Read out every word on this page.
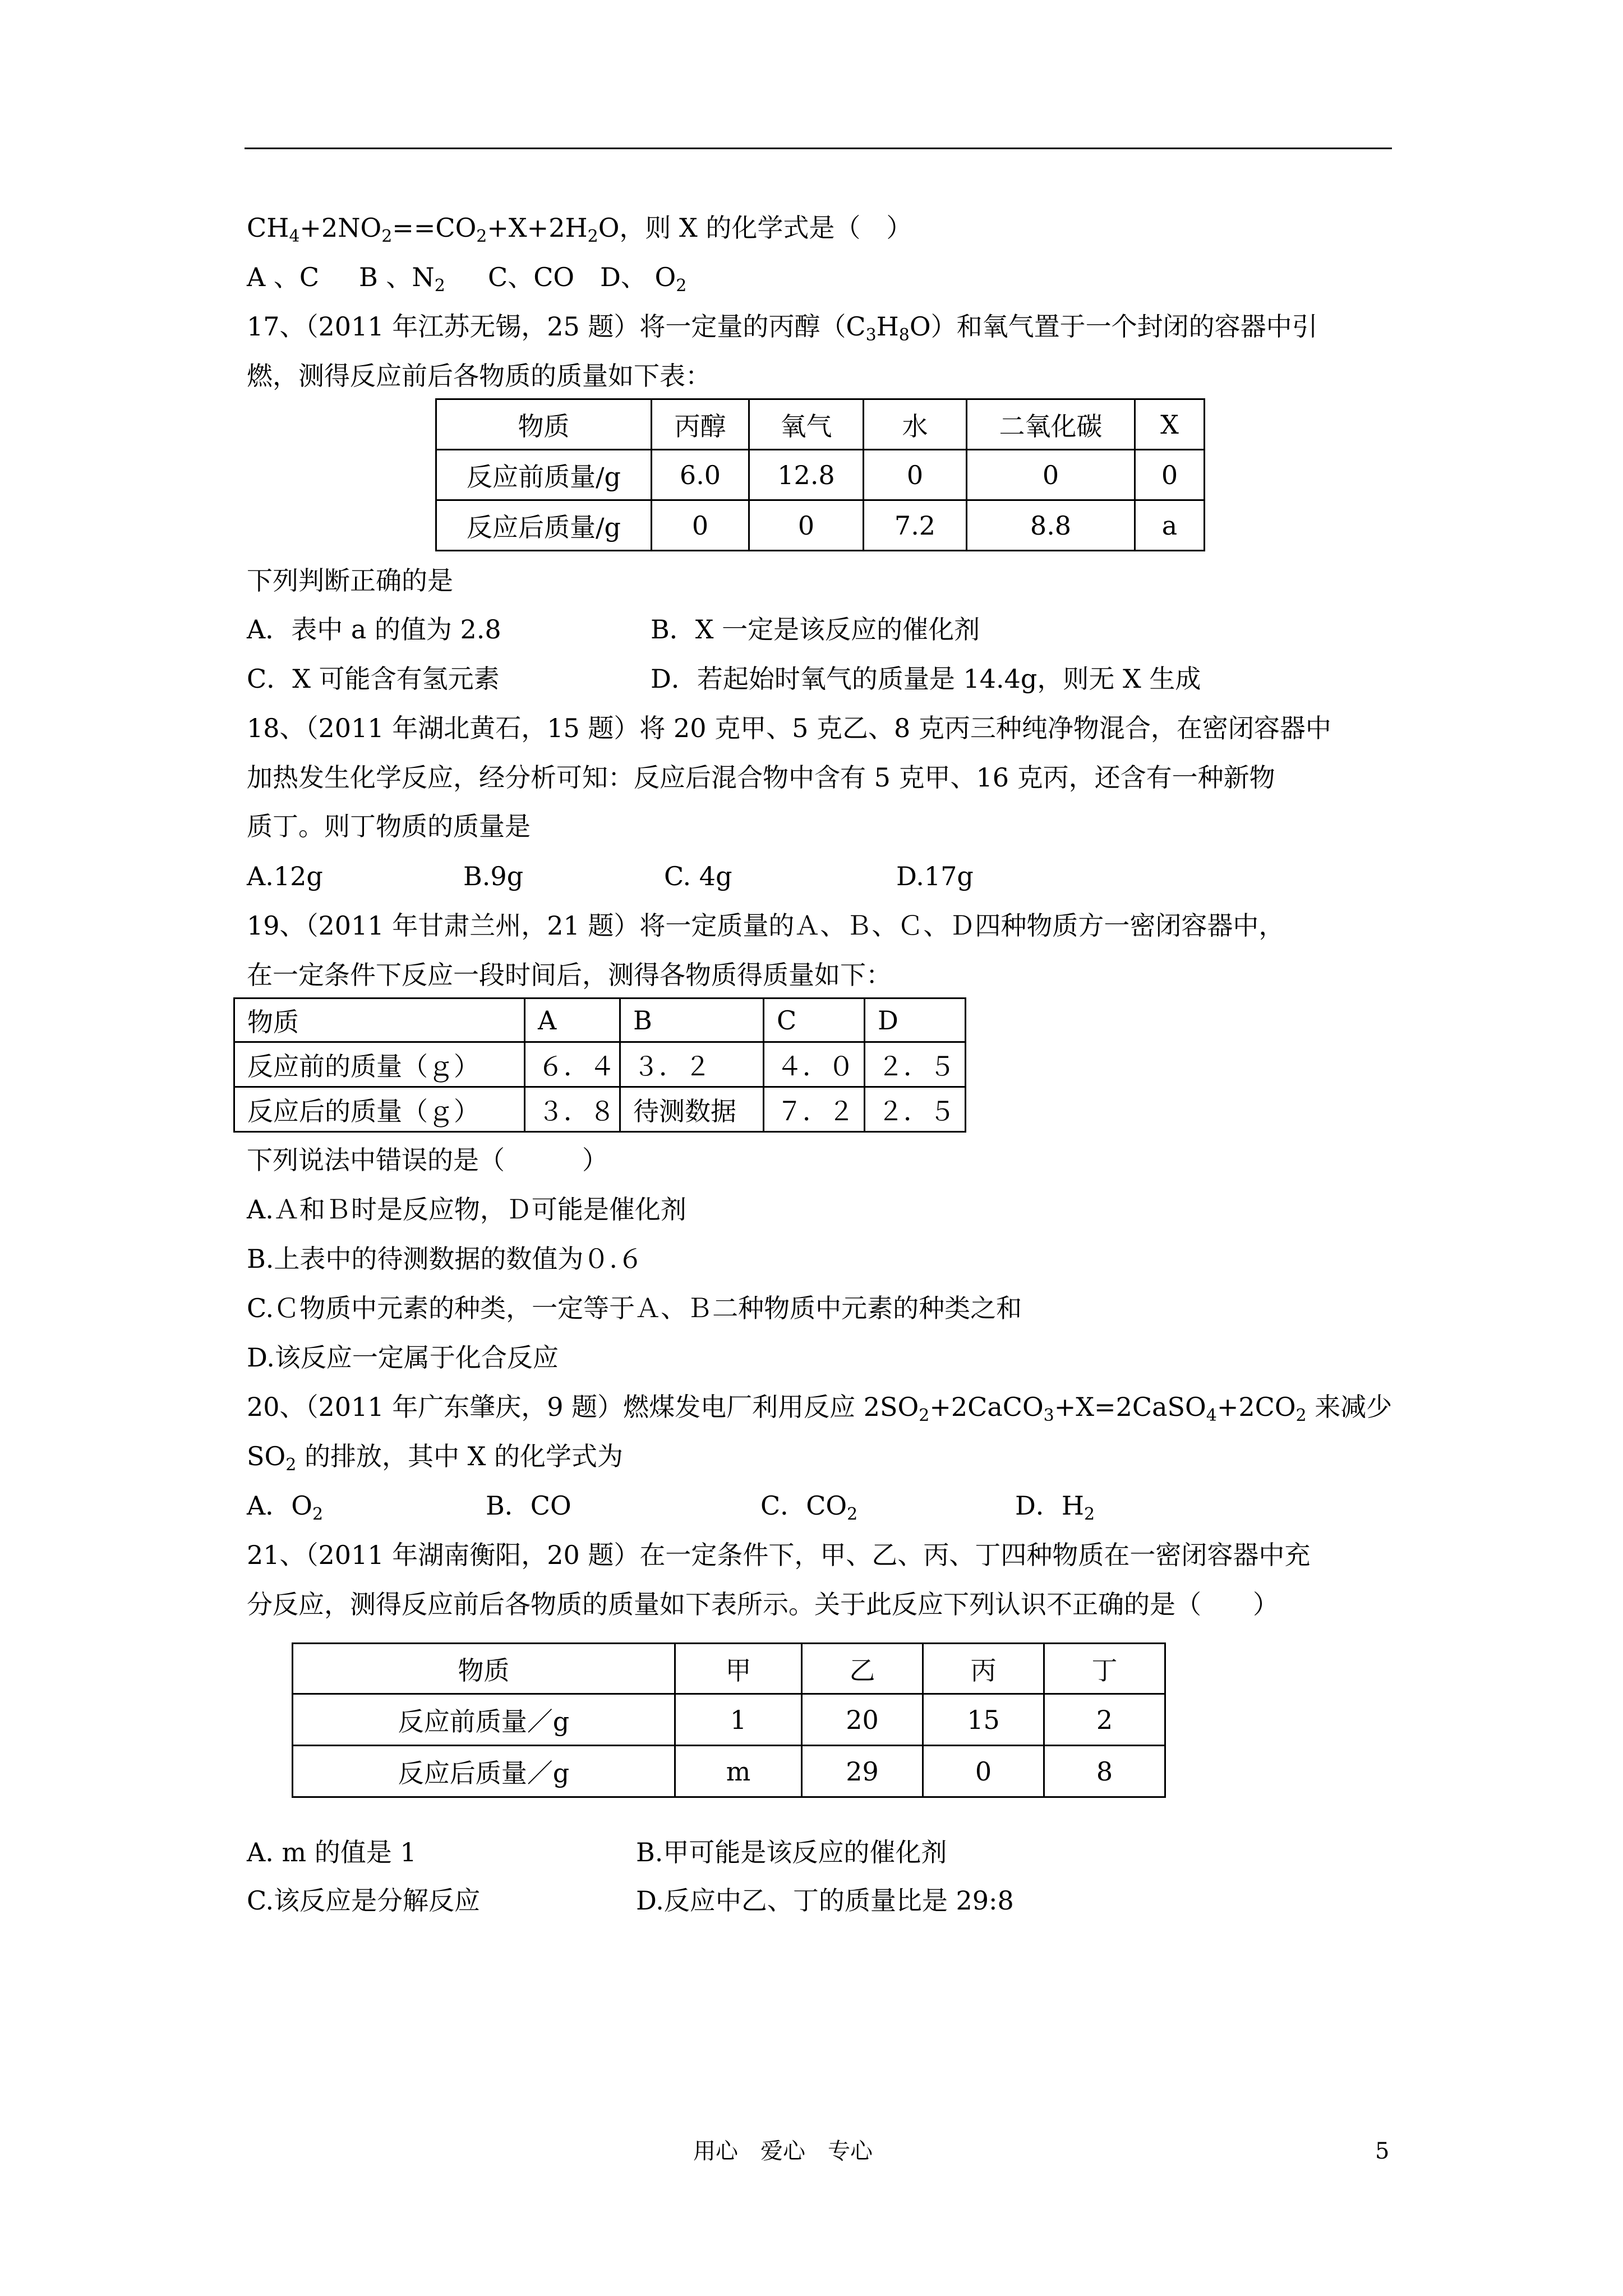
$CH_4+2NO_2==CO_2+X+2H_2O$，则 X 的化学式是（　）
A 、C B 、$N_2$ C、CO D、 $O_2$
17、（2011 年江苏无锡，25 题）将一定量的丙醇$(C_3H_8O)$和氧气置于一个封闭的容器中引
燃，测得反应前后各物质的质量如下表：
物质	丙醇	氧气	水	二氧化碳	X
反应前质量/g	6.0	12.8	0	0	0
反应后质量/g	0	0	7.2	8.8	a
下列判断正确的是
A．表中 a 的值为 2.8	B．X 一定是该反应的催化剂
C．X 可能含有氢元素	D．若起始时氧气的质量是 14.4g，则无 X 生成
18、（2011 年湖北黄石，15 题）将 20 克甲、5 克乙、8 克丙三种纯净物混合，在密闭容器中
加热发生化学反应，经分析可知：反应后混合物中含有 5 克甲、16 克丙，还含有一种新物
质丁。则丁物质的质量是
A.12g	B.9g	C. 4g	D.17g
19、（2011 年甘肃兰州，21 题）将一定质量的Ａ、Ｂ、Ｃ、Ｄ四种物质方一密闭容器中，
在一定条件下反应一段时间后，测得各物质得质量如下：
物质	A	B	C	D
反应前的质量（ｇ）	６．４	３．２	４．０	２．５
反应后的质量（ｇ）	３．８	待测数据	７．２	２．５
下列说法中错误的是（　　　）
A.Ａ和Ｂ时是反应物，Ｄ可能是催化剂
B.上表中的待测数据的数值为０.６
C.Ｃ物质中元素的种类，一定等于Ａ、Ｂ二种物质中元素的种类之和
D.该反应一定属于化合反应
20、（2011 年广东肇庆，9 题）燃煤发电厂利用反应 $2SO_2+2CaCO_3+X=2CaSO_4+2CO_2$ 来减少
$SO_2$ 的排放，其中 X 的化学式为
A．$O_2$	B．CO	C．$CO_2$	D．$H_2$
21、（2011 年湖南衡阳，20 题）在一定条件下，甲、乙、丙、丁四种物质在一密闭容器中充
分反应，测得反应前后各物质的质量如下表所示。关于此反应下列认识不正确的是（　　）
物质	甲	乙	丙	丁
反应前质量／g	1	20	15	2
反应后质量／g	m	29	0	8
A. m 的值是 1	B.甲可能是该反应的催化剂
C.该反应是分解反应	D.反应中乙、丁的质量比是 29:8
用心　爱心　专心	5
